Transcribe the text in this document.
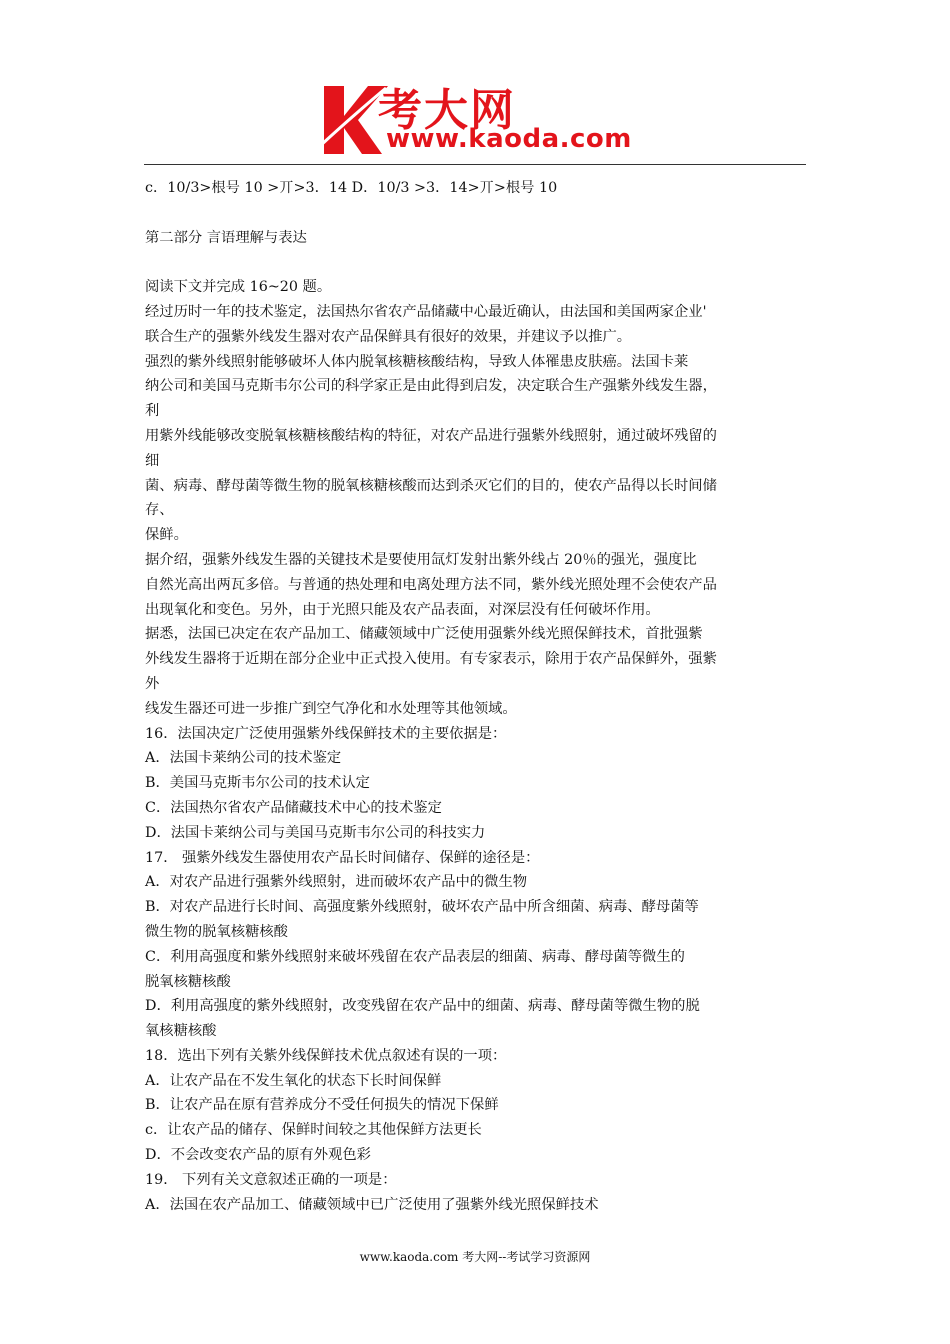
考大网
www.kaoda.com
c．10/3>根号 10 >丌>3．14 D．10/3 >3．14>丌>根号 10
第二部分 言语理解与表达
阅读下文并完成 16~20 题。
经过历时一年的技术鉴定，法国热尔省农产品储藏中心最近确认，由法国和美国两家企业'
联合生产的强紫外线发生器对农产品保鲜具有很好的效果，并建议予以推广。
强烈的紫外线照射能够破坏人体内脱氧核糖核酸结构，导致人体罹患皮肤癌。法国卡莱
纳公司和美国马克斯韦尔公司的科学家正是由此得到启发，决定联合生产强紫外线发生器，
利
用紫外线能够改变脱氧核糖核酸结构的特征，对农产品进行强紫外线照射，通过破坏残留的
细
菌、病毒、酵母菌等微生物的脱氧核糖核酸而达到杀灭它们的目的，使农产品得以长时间储
存、
保鲜。
据介绍，强紫外线发生器的关键技术是要使用氙灯发射出紫外线占 20％的强光，强度比
自然光高出两瓦多倍。与普通的热处理和电离处理方法不同，紫外线光照处理不会使农产品
出现氧化和变色。另外，由于光照只能及农产品表面，对深层没有任何破坏作用。
据悉，法国已决定在农产品加工、储藏领域中广泛使用强紫外线光照保鲜技术，首批强紫
外线发生器将于近期在部分企业中正式投入使用。有专家表示，除用于农产品保鲜外，强紫
外
线发生器还可进一步推广到空气净化和水处理等其他领域。
16．法国决定广泛使用强紫外线保鲜技术的主要依据是：
A．法国卡莱纳公司的技术鉴定
B．美国马克斯韦尔公司的技术认定
C．法国热尔省农产品储藏技术中心的技术鉴定
D．法国卡莱纳公司与美国马克斯韦尔公司的科技实力
17． 强紫外线发生器使用农产品长时间储存、保鲜的途径是：
A．对农产品进行强紫外线照射，进而破坏农产品中的微生物
B．对农产品进行长时间、高强度紫外线照射，破坏农产品中所含细菌、病毒、酵母菌等
微生物的脱氧核糖核酸
C．利用高强度和紫外线照射来破坏残留在农产品表层的细菌、病毒、酵母菌等微生的
脱氧核糖核酸
D．利用高强度的紫外线照射，改变残留在农产品中的细菌、病毒、酵母菌等微生物的脱
氧核糖核酸
18．选出下列有关紫外线保鲜技术优点叙述有误的一项：
A．让农产品在不发生氧化的状态下长时间保鲜
B．让农产品在原有营养成分不受任何损失的情况下保鲜
c．让农产品的储存、保鲜时间较之其他保鲜方法更长
D．不会改变农产品的原有外观色彩
19． 下列有关文意叙述正确的一项是：
A．法国在农产品加工、储藏领域中已广泛使用了强紫外线光照保鲜技术
www.kaoda.com 考大网--考试学习资源网
